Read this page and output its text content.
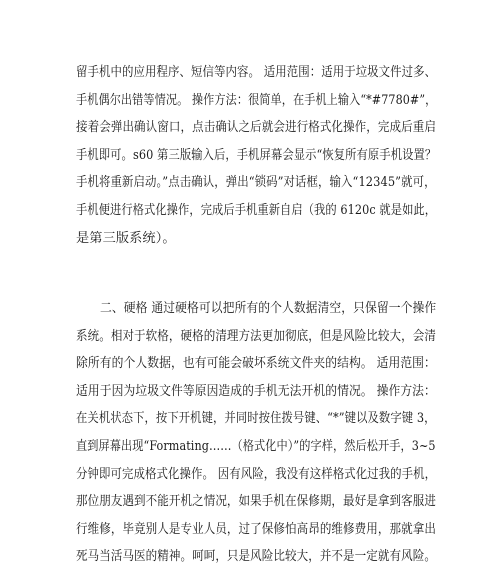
留手机中的应用程序、短信等内容。 适用范围：适用于垃圾文件过多、
手机偶尔出错等情况。 操作方法：很简单，在手机上输入“*#7780#”，
接着会弹出确认窗口，点击确认之后就会进行格式化操作，完成后重启
手机即可。s60 第三版输入后，手机屏幕会显示“恢复所有原手机设置？
手机将重新启动。”点击确认，弹出“锁码”对话框，输入“12345”就可，
手机便进行格式化操作，完成后手机重新自启（我的 6120c 就是如此，
是第三版系统）。
二、硬格 通过硬格可以把所有的个人数据清空，只保留一个操作
系统。相对于软格，硬格的清理方法更加彻底，但是风险比较大，会清
除所有的个人数据，也有可能会破坏系统文件夹的结构。 适用范围：
适用于因为垃圾文件等原因造成的手机无法开机的情况。 操作方法：
在关机状态下，按下开机键，并同时按住拨号键、“*”键以及数字键 3，
直到屏幕出现“Formating……（格式化中）”的字样，然后松开手，3~5
分钟即可完成格式化操作。 因有风险，我没有这样格式化过我的手机，
那位朋友遇到不能开机之情况，如果手机在保修期，最好是拿到客服进
行维修，毕竟别人是专业人员，过了保修怕高昂的维修费用，那就拿出
死马当活马医的精神。呵呵，只是风险比较大，并不是一定就有风险。
